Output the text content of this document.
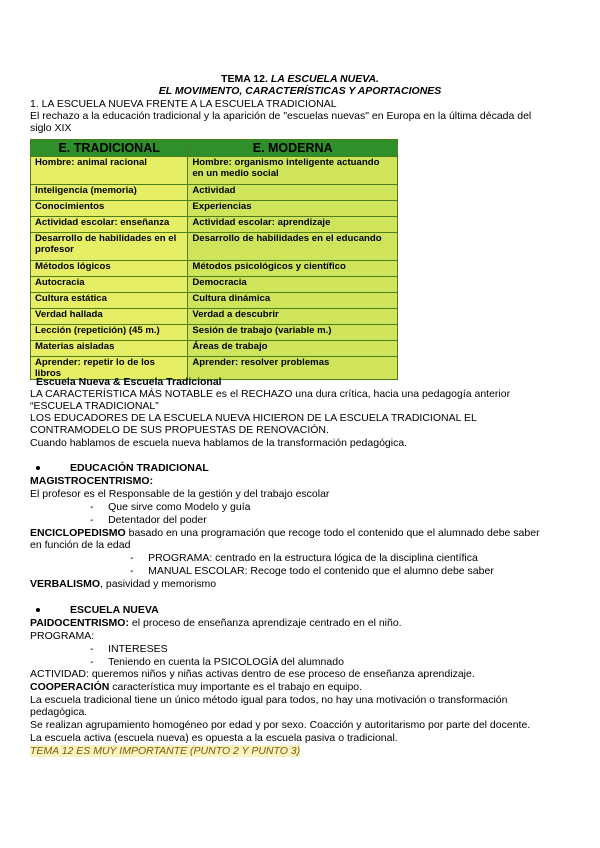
TEMA 12. LA ESCUELA NUEVA.
EL MOVIMENTO, CARACTERÍSTICAS Y APORTACIONES
1. LA ESCUELA NUEVA FRENTE A LA ESCUELA TRADICIONAL
El rechazo a la educación tradicional y la aparición de "escuelas nuevas" en Europa en la última década del
siglo XIX
E. TRADICIONAL	E. MODERNA
Hombre: animal racional	Hombre: organismo inteligente actuando en un medio social
Inteligencia (memoria)	Actividad
Conocimientos	Experiencias
Actividad escolar: enseñanza	Actividad escolar: aprendizaje
Desarrollo de habilidades en el profesor	Desarrollo de habilidades en el educando
Métodos lógicos	Métodos psicológicos y científico
Autocracia	Democracia
Cultura estática	Cultura dinámica
Verdad hallada	Verdad a descubrir
Lección (repetición) (45 m.)	Sesión de trabajo (variable m.)
Materias aisladas	Áreas de trabajo
Aprender: repetir lo de los libros	Aprender: resolver problemas
Escuela Nueva & Escuela Tradicional
LA CARACTERÍSTICA MÁS NOTABLE es el RECHAZO una dura crítica, hacia una pedagogía anterior
“ESCUELA TRADICIONAL”
LOS EDUCADORES DE LA ESCUELA NUEVA HICIERON DE LA ESCUELA TRADICIONAL EL
CONTRAMODELO DE SUS PROPUESTAS DE RENOVACIÓN.
Cuando hablamos de escuela nueva hablamos de la transformación pedagógica.
EDUCACIÓN TRADICIONAL
MAGISTROCENTRISMO:
El profesor es el Responsable de la gestión y del trabajo escolar
-     Que sirve como Modelo y guía
-     Detentador del poder
ENCICLOPEDISMO basado en una programación que recoge todo el contenido que el alumnado debe saber
en función de la edad
-     PROGRAMA: centrado en la estructura lógica de la disciplina científica
-     MANUAL ESCOLAR: Recoge todo el contenido que el alumno debe saber
VERBALISMO, pasividad y memorismo
ESCUELA NUEVA
PAIDOCENTRISMO: el proceso de enseñanza aprendizaje centrado en el niño.
PROGRAMA:
-     INTERESES
-     Teniendo en cuenta la PSICOLOGÍA del alumnado
ACTIVIDAD: queremos niños y niñas activas dentro de ese proceso de enseñanza aprendizaje.
COOPERACIÓN característica muy importante es el trabajo en equipo.
La escuela tradicional tiene un único método igual para todos, no hay una motivación o transformación
pedagógica.
Se realizan agrupamiento homogéneo por edad y por sexo. Coacción y autoritarismo por parte del docente.
La escuela activa (escuela nueva) es opuesta a la escuela pasiva o tradicional.
TEMA 12 ES MUY IMPORTANTE (PUNTO 2 Y PUNTO 3)
